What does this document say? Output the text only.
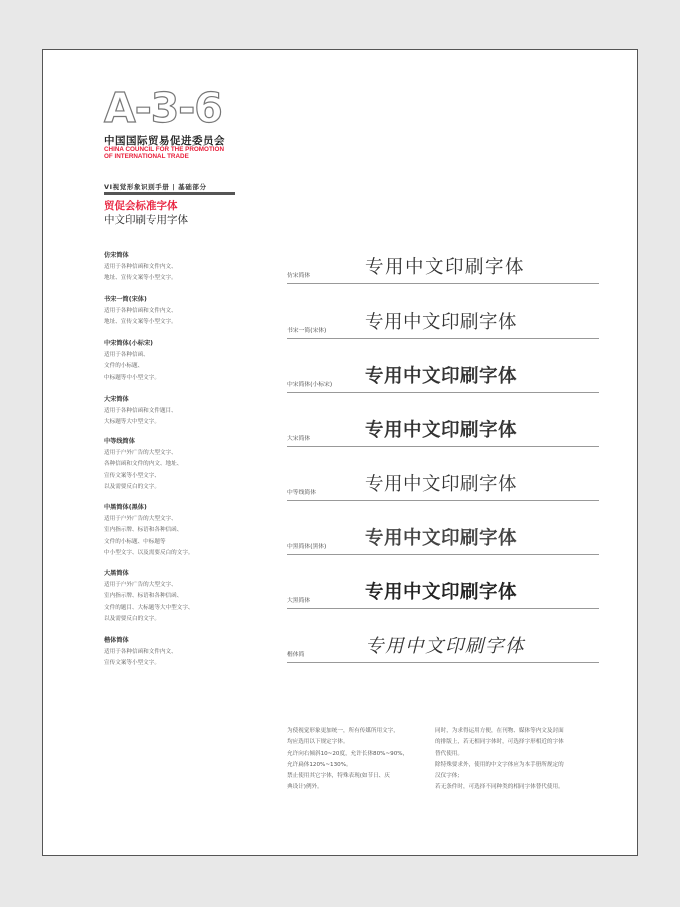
A-3-6
中国国际贸易促进委员会
CHINA COUNCIL FOR THE PROMOTION
OF INTERNATIONAL TRADE
VI视觉形象识别手册 | 基础部分
贸促会标准字体
中文印刷专用字体
仿宋简体
适用于各种信函和文件内文、
地址、宣传文案等小型文字。
书宋一简(宋体)
适用于各种信函和文件内文、
地址、宣传文案等小型文字。
中宋简体(小标宋)
适用于各种信函、
文件的小标题、
中标题等中小型文字。
大宋简体
适用于各种信函和文件题目、
大标题等大中型文字。
中等线简体
适用于户外广告的大型文字、
各种信函和文件的内文、地址、
宣传文案等小型文字、
以及需要反白的文字。
中黑简体(黑体)
适用于户外广告的大型文字、
室内指示牌、标语和各种信函、
文件的小标题、中标题等
中小型文字、以及需要反白的文字。
大黑简体
适用于户外广告的大型文字、
室内指示牌、标语和各种信函、
文件的题目、大标题等大中型文字、
以及需要反白的文字。
楷体简体
适用于各种信函和文件内文、
宣传文案等小型文字。
仿宋简体	专用中文印刷字体
书宋一简(宋体) 专用中文印刷字体
中宋简体(小标宋) 专用中文印刷字体
大宋简体	专用中文印刷字体
中等线简体	专用中文印刷字体
中黑简体(黑体) 专用中文印刷字体
大黑简体	专用中文印刷字体
楷体简	专用中文印刷字体
为使视觉形象更加统一，所有传媒所用文字，
均应选用以下规定字体。
允许向右倾斜10~20度，允许长体80%~90%，
允许扁体120%~130%。
禁止使用其它字体，特殊表现(如节日、庆
典设计)例外。
同时，为求得运用方便，在刊物、媒体等内文及封面
的排版上，若无相同字体时，可选择字形相近的字体
替代使用。
除特殊要求外，使用的中文字体应为本手册所规定的
汉仪字体;
若无条件时，可选择不同种类的相同字体替代使用。
